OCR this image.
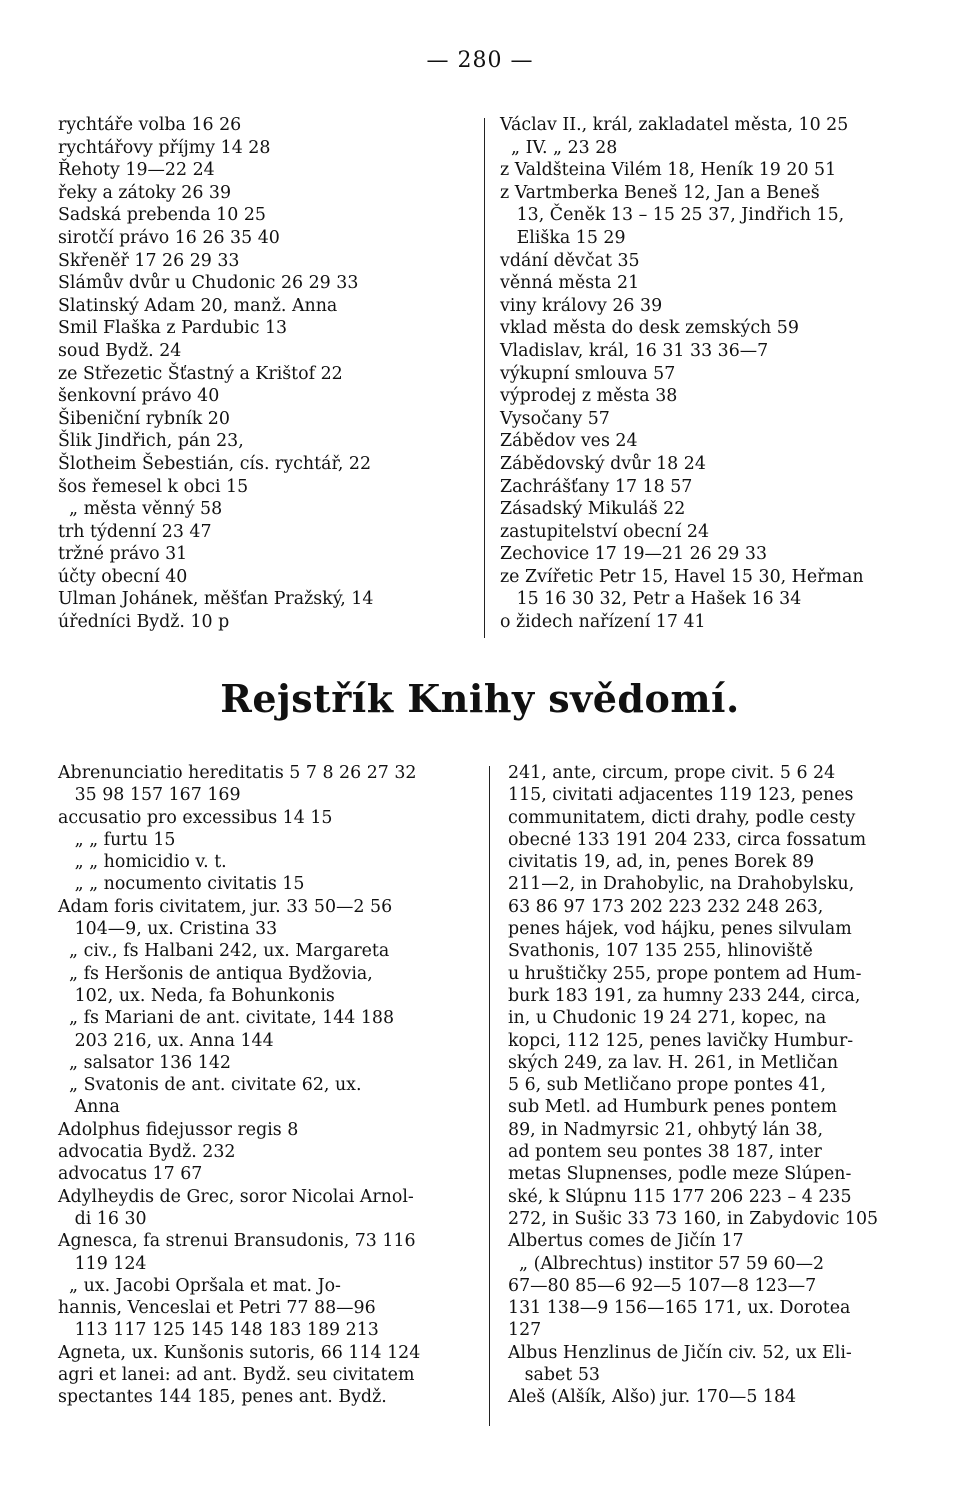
— 280 —
rychtáře volba 16 26
rychtářovy příjmy 14 28
Řehoty 19—22 24
řeky a zátoky 26 39
Sadská prebenda 10 25
sirotčí právo 16 26 35 40
Skřeněř 17 26 29 33
Slámův dvůr u Chudonic 26 29 33
Slatinský Adam 20, manž. Anna
Smil Flaška z Pardubic 13
soud Bydž. 24
ze Střezetic Šťastný a Krištof 22
šenkovní právo 40
Šibeniční rybník 20
Šlik Jindřich, pán 23,
Šlotheim Šebestián, cís. rychtář, 22
šos řemesel k obci 15
„ města věnný 58
trh týdenní 23 47
tržné právo 31
účty obecní 40
Ulman Johánek, měšťan Pražský, 14
úředníci Bydž. 10 p
Václav II., král, zakladatel města, 10 25
„ IV. „ 23 28
z Valdšteina Vilém 18, Heník 19 20 51
z Vartmberka Beneš 12, Jan a Beneš
13, Čeněk 13 – 15 25 37, Jindřich 15,
Eliška 15 29
vdání děvčat 35
věnná města 21
viny královy 26 39
vklad města do desk zemských 59
Vladislav, král, 16 31 33 36—7
výkupní smlouva 57
výprodej z města 38
Vysočany 57
Zábědov ves 24
Zábědovský dvůr 18 24
Zachrášťany 17 18 57
Zásadský Mikuláš 22
zastupitelství obecní 24
Zechovice 17 19—21 26 29 33
ze Zvířetic Petr 15, Havel 15 30, Heřman
15 16 30 32, Petr a Hašek 16 34
o židech nařízení 17 41
Rejstřík Knihy svědomí.
Abrenunciatio hereditatis 5 7 8 26 27 32
35 98 157 167 169
accusatio pro excessibus 14 15
„ „ furtu 15
„ „ homicidio v. t.
„ „ nocumento civitatis 15
Adam foris civitatem, jur. 33 50—2 56
104—9, ux. Cristina 33
„ civ., fs Halbani 242, ux. Margareta
„ fs Heršonis de antiqua Bydžovia,
102, ux. Neda, fa Bohunkonis
„ fs Mariani de ant. civitate, 144 188
203 216, ux. Anna 144
„ salsator 136 142
„ Svatonis de ant. civitate 62, ux.
Anna
Adolphus fidejussor regis 8
advocatia Bydž. 232
advocatus 17 67
Adylheydis de Grec, soror Nicolai Arnol-
di 16 30
Agnesca, fa strenui Bransudonis, 73 116
119 124
„ ux. Jacobi Opršala et mat. Jo-
hannis, Venceslai et Petri 77 88—96
113 117 125 145 148 183 189 213
Agneta, ux. Kunšonis sutoris, 66 114 124
agri et lanei: ad ant. Bydž. seu civitatem
spectantes 144 185, penes ant. Bydž.
241, ante, circum, prope civit. 5 6 24
115, civitati adjacentes 119 123, penes
communitatem, dicti drahy, podle cesty
obecné 133 191 204 233, circa fossatum
civitatis 19, ad, in, penes Borek 89
211—2, in Drahobylic, na Drahobylsku,
63 86 97 173 202 223 232 248 263,
penes hájek, vod hájku, penes silvulam
Svathonis, 107 135 255, hlinoviště
u hruštičky 255, prope pontem ad Hum-
burk 183 191, za humny 233 244, circa,
in, u Chudonic 19 24 271, kopec, na
kopci, 112 125, penes lavičky Humbur-
ských 249, za lav. H. 261, in Metličan
5 6, sub Metličano prope pontes 41,
sub Metl. ad Humburk penes pontem
89, in Nadmyrsic 21, ohbytý lán 38,
ad pontem seu pontes 38 187, inter
metas Slupnenses, podle meze Slúpen-
ské, k Slúpnu 115 177 206 223 – 4 235
272, in Sušic 33 73 160, in Zabydovic 105
Albertus comes de Jičín 17
„ (Albrechtus) institor 57 59 60—2
67—80 85—6 92—5 107—8 123—7
131 138—9 156—165 171, ux. Dorotea
127
Albus Henzlinus de Jičín civ. 52, ux Eli-
sabet 53
Aleš (Alšík, Alšo) jur. 170—5 184
